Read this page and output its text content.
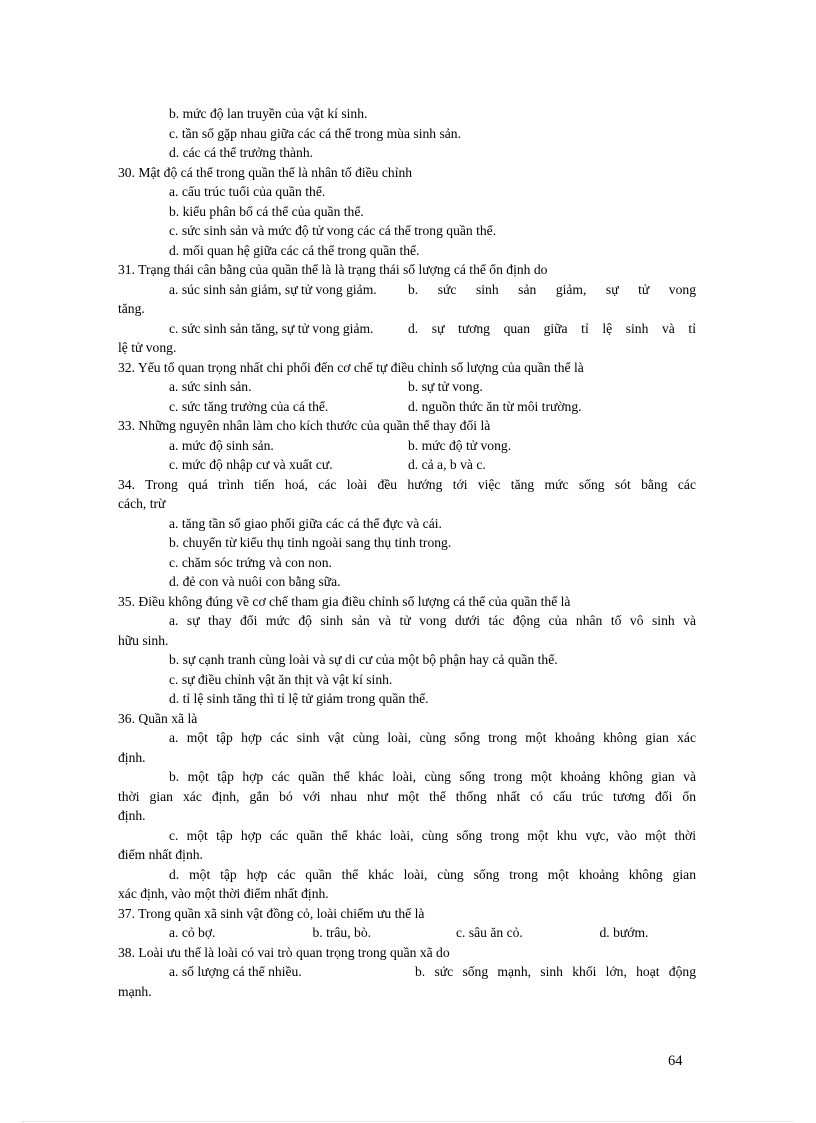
b. mức độ lan truyền của vật kí sinh.
c. tần số gặp nhau giữa các cá thể trong mùa sinh sản.
d. các cá thể trưởng thành.
30. Mật độ cá thể trong quần thể là nhân tố điều chỉnh
a. cấu trúc tuổi của quần thể.
b. kiểu phân bố cá thể của quần thể.
c. sức sinh sản và mức độ tử vong các cá thể trong quần thể.
d. mối quan hệ giữa các cá thể trong quần thể.
31. Trạng thái cân bằng của quần thể là là trạng thái số lượng cá thể ổn định do
a. súc sinh sản giảm, sự tử vong giảm.	b. sức sinh sản giảm, sự tử vong
tăng.
c. sức sinh sản tăng, sự tử vong giảm.	d. sự tương quan giữa tỉ lệ sinh và tỉ
lệ tử vong.
32. Yếu tố quan trọng nhất chi phối đến cơ chế tự điều chỉnh số lượng của quần thể là
a. sức sinh sản.	b. sự tử vong.
c. sức tăng trưởng của cá thể.	d. nguồn thức ăn từ môi trường.
33. Những nguyên nhân làm cho kích thước của quần thể thay đổi là
a. mức độ sinh sản.	b. mức độ tử vong.
c. mức độ nhập cư và xuất cư.	d. cả a, b và c.
34. Trong quá trình tiến hoá, các loài đều hướng tới việc tăng mức sống sót bằng các
cách, trừ
a. tăng tần số giao phối giữa các cá thể đực và cái.
b. chuyển từ kiểu thụ tinh ngoài sang thụ tinh trong.
c. chăm sóc trứng và con non.
d. đẻ con và nuôi con bằng sữa.
35. Điều không đúng về cơ chế tham gia điều chỉnh số lượng cá thể của quần thể là
a. sự thay đổi mức độ sinh sản và tử vong dưới tác động của nhân tố vô sinh và
hữu sinh.
b. sự cạnh tranh cùng loài và sự di cư của một bộ phận hay cả quần thể.
c. sự điều chỉnh vật ăn thịt và vật kí sinh.
d. tỉ lệ sinh tăng thì tỉ lệ tử giảm trong quần thể.
36. Quần xã là
a. một tập hợp các sinh vật cùng loài, cùng sống trong một khoảng không gian xác
định.
b. một tập hợp các quần thể khác loài, cùng sống trong một khoảng không gian và
thời gian xác định, gắn bó với nhau như một thể thống nhất có cấu trúc tương đối ổn
định.
c. một tập hợp các quần thể khác loài, cùng sống trong một khu vực, vào một thời
điểm nhất định.
d. một tập hợp các quần thể khác loài, cùng sống trong một khoảng không gian
xác định, vào một thời điểm nhất định.
37. Trong quần xã sinh vật đồng cỏ, loài chiếm ưu thế là
a. cỏ bợ.	b. trâu, bò.	c. sâu ăn cỏ.	d. bướm.
38. Loài ưu thế là loài có vai trò quan trọng trong quần xã do
a. số lượng cá thể nhiều.	b. sức sống mạnh, sinh khối lớn, hoạt động
mạnh.
64
